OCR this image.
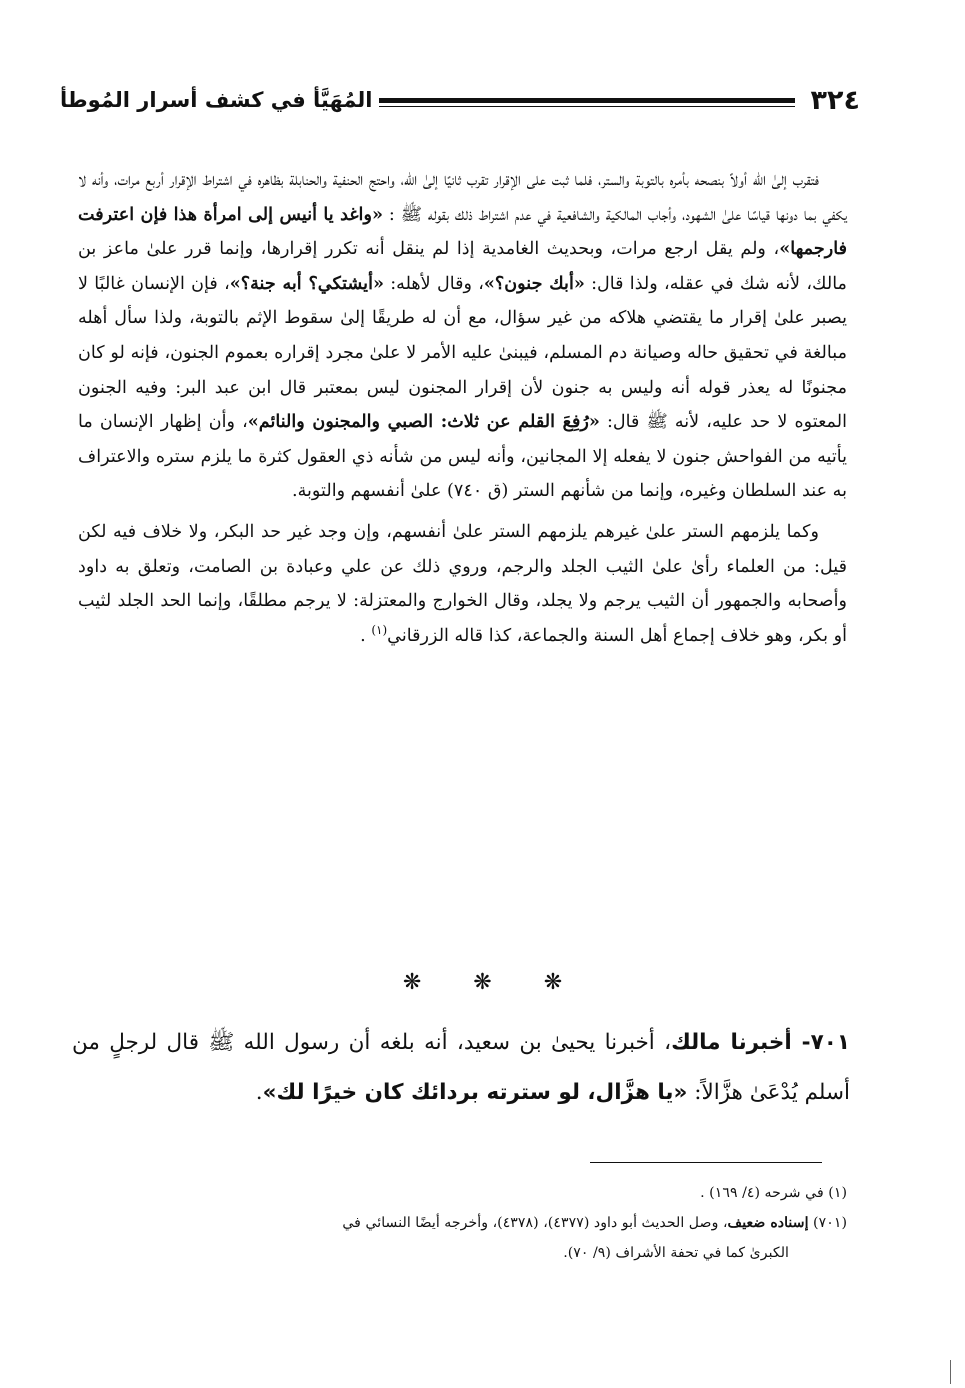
٣٢٤
المُهَيَّأ في كشف أسرار المُوطأ

فتقرب إلىٰ الله أولاً بنصحه بأمره بالتوبة والستر، فلما ثبت على الإقرار تقرب ثانيًا إلىٰ الله، واحتج الحنفية والحنابلة بظاهره في اشتراط الإقرار أربع مرات، وأنه لا يكفي بما دونها قياسًا علىٰ الشهود، وأجاب المالكية والشافعية في عدم اشتراط ذلك بقوله ﷺ : «واغد يا أنيس إلى امرأة هذا فإن اعترفت فارجمها»، ولم يقل ارجع مرات، وبحديث الغامدية إذا لم ينقل أنه تكرر إقرارها، وإنما قرر علىٰ ماعز بن مالك، لأنه شك في عقله، ولذا قال: «أبك جنون؟»، وقال لأهله: «أيشتكي؟ أبه جنة؟»، فإن الإنسان غالبًا لا يصبر علىٰ إقرار ما يقتضي هلاكه من غير سؤال، مع أن له طريقًا إلىٰ سقوط الإثم بالتوبة، ولذا سأل أهله مبالغة في تحقيق حاله وصيانة دم المسلم، فيبنىٰ عليه الأمر لا علىٰ مجرد إقراره بعموم الجنون، فإنه لو كان مجنونًا له يعذر قوله أنه وليس به جنون لأن إقرار المجنون ليس بمعتبر قال ابن عبد البر: وفيه الجنون المعتوه لا حد عليه، لأنه ﷺ قال: «رُفِعَ القلم عن ثلاث: الصبي والمجنون والنائم»، وأن إظهار الإنسان ما يأتيه من الفواحش جنون لا يفعله إلا المجانين، وأنه ليس من شأنه ذي العقول كثرة ما يلزم ستره والاعتراف به عند السلطان وغيره، وإنما من شأنهم الستر (ق ٧٤٠) علىٰ أنفسهم والتوبة.

وكما يلزمهم الستر علىٰ غيرهم يلزمهم الستر علىٰ أنفسهم، وإن وجد غير حد البكر، ولا خلاف فيه لكن قيل: من العلماء رأىٰ علىٰ الثيب الجلد والرجم، وروي ذلك عن علي وعبادة بن الصامت، وتعلق به داود وأصحابه والجمهور أن الثيب يرجم ولا يجلد، وقال الخوارج والمعتزلة: لا يرجم مطلقًا، وإنما الحد الجلد لثيب أو بكر، وهو خلاف إجماع أهل السنة والجماعة، كذا قاله الزرقاني$^{(١)}$ .

❋ ❋ ❋

٧٠١- أخبرنا مالك، أخبرنا يحيىٰ بن سعيد، أنه بلغه أن رسول الله ﷺ قال لرجلٍ من أسلم يُدْعَىٰ هزَّالاً: «يا هزَّال، لو سترته بردائك كان خيرًا لك».

(١) في شرحه (٤/ ١٦٩) .

(٧٠١) إسناده ضعيف، وصل الحديث أبو داود (٤٣٧٧)، (٤٣٧٨)، وأخرجه أيضًا النسائي في

الكبرىٰ كما في تحفة الأشراف (٩/ ٧٠).
